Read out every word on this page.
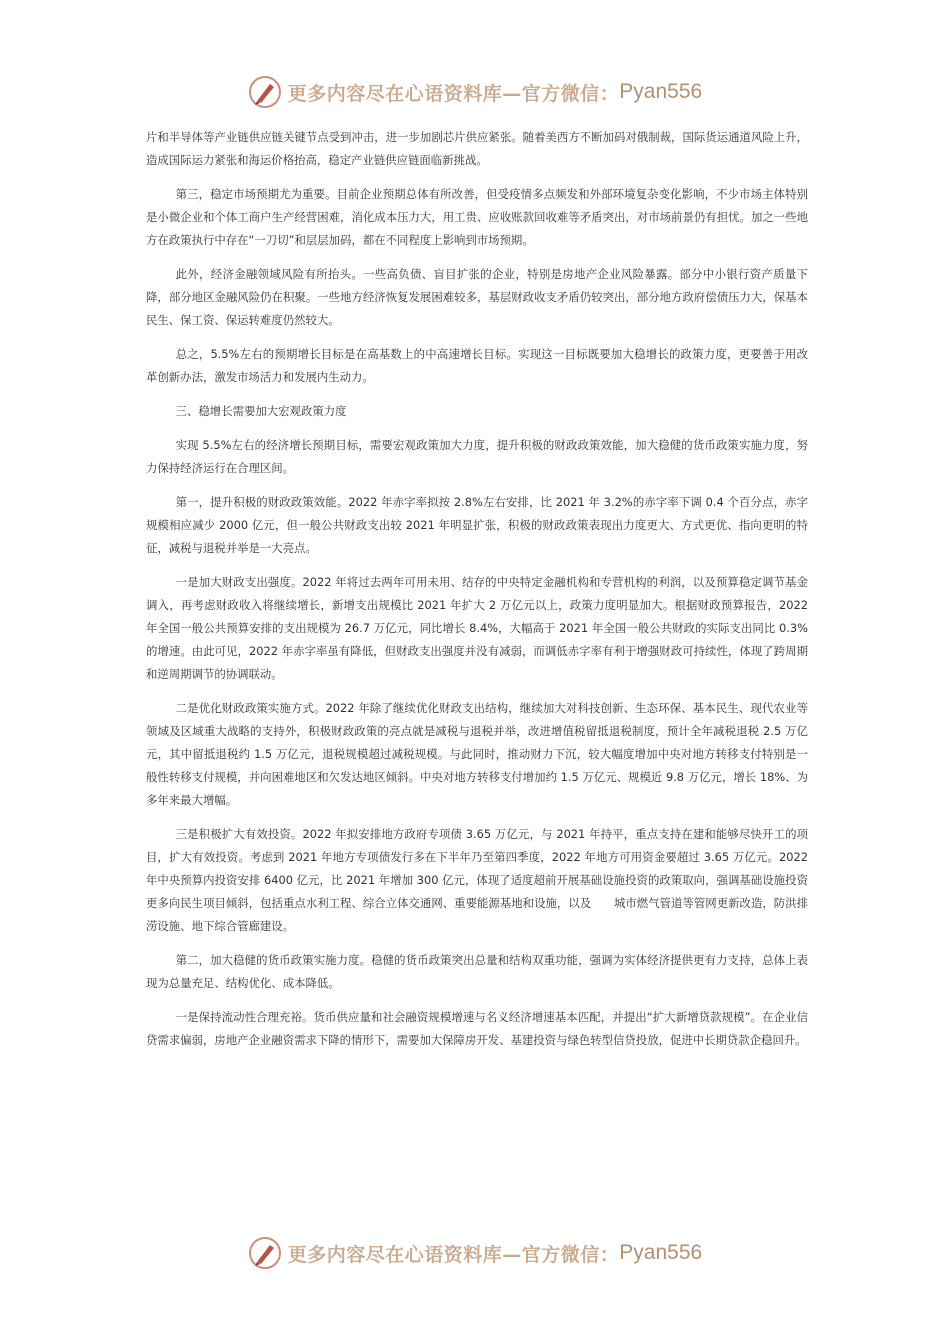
更多内容尽在心语资料库—官方微信： Pyan556

片和半导体等产业链供应链关键节点受到冲击，进一步加剧芯片供应紧张。随着美西方不断加码对俄制裁，国际货运通道风险上升，造成国际运力紧张和海运价格抬高，稳定产业链供应链面临新挑战。

第三，稳定市场预期尤为重要。目前企业预期总体有所改善，但受疫情多点频发和外部环境复杂变化影响，不少市场主体特别是小微企业和个体工商户生产经营困难，消化成本压力大，用工贵、应收账款回收难等矛盾突出，对市场前景仍有担忧。加之一些地方在政策执行中存在“一刀切”和层层加码，都在不同程度上影响到市场预期。

此外，经济金融领域风险有所抬头。一些高负债、盲目扩张的企业，特别是房地产企业风险暴露。部分中小银行资产质量下降，部分地区金融风险仍在积聚。一些地方经济恢复发展困难较多，基层财政收支矛盾仍较突出，部分地方政府偿债压力大，保基本民生、保工资、保运转难度仍然较大。

总之，5.5%左右的预期增长目标是在高基数上的中高速增长目标。实现这一目标既要加大稳增长的政策力度，更要善于用改革创新办法，激发市场活力和发展内生动力。

三、稳增长需要加大宏观政策力度

实现 5.5%左右的经济增长预期目标，需要宏观政策加大力度，提升积极的财政政策效能，加大稳健的货币政策实施力度，努力保持经济运行在合理区间。

第一，提升积极的财政政策效能。2022 年赤字率拟按 2.8%左右安排，比 2021 年 3.2%的赤字率下调 0.4 个百分点，赤字规模相应减少 2000 亿元，但一般公共财政支出较 2021 年明显扩张，积极的财政政策表现出力度更大、方式更优、指向更明的特征，减税与退税并举是一大亮点。

一是加大财政支出强度。2022 年将过去两年可用未用、结存的中央特定金融机构和专营机构的利润，以及预算稳定调节基金调入，再考虑财政收入将继续增长，新增支出规模比 2021 年扩大 2 万亿元以上，政策力度明显加大。根据财政预算报告，2022 年全国一般公共预算安排的支出规模为 26.7 万亿元，同比增长 8.4%，大幅高于 2021 年全国一般公共财政的实际支出同比 0.3%的增速。由此可见，2022 年赤字率虽有降低，但财政支出强度并没有减弱，而调低赤字率有利于增强财政可持续性，体现了跨周期和逆周期调节的协调联动。

二是优化财政政策实施方式。2022 年除了继续优化财政支出结构，继续加大对科技创新、生态环保、基本民生、现代农业等领域及区域重大战略的支持外，积极财政政策的亮点就是减税与退税并举，改进增值税留抵退税制度，预计全年减税退税 2.5 万亿元，其中留抵退税约 1.5 万亿元，退税规模超过减税规模。与此同时，推动财力下沉，较大幅度增加中央对地方转移支付特别是一般性转移支付规模，并向困难地区和欠发达地区倾斜。中央对地方转移支付增加约 1.5 万亿元、规模近 9.8 万亿元，增长 18%、为多年来最大增幅。

三是积极扩大有效投资。2022 年拟安排地方政府专项债 3.65 万亿元，与 2021 年持平，重点支持在建和能够尽快开工的项目，扩大有效投资。考虑到 2021 年地方专项债发行多在下半年乃至第四季度，2022 年地方可用资金要超过 3.65 万亿元。2022 年中央预算内投资安排 6400 亿元，比 2021 年增加 300 亿元，体现了适度超前开展基础设施投资的政策取向，强调基础设施投资更多向民生项目倾斜，包括重点水利工程、综合立体交通网、重要能源基地和设施，以及　　城市燃气管道等管网更新改造，防洪排涝设施、地下综合管廊建设。

第二，加大稳健的货币政策实施力度。稳健的货币政策突出总量和结构双重功能，强调为实体经济提供更有力支持，总体上表现为总量充足、结构优化、成本降低。

一是保持流动性合理充裕。货币供应量和社会融资规模增速与名义经济增速基本匹配，并提出“扩大新增贷款规模”。在企业信贷需求偏弱，房地产企业融资需求下降的情形下，需要加大保障房开发、基建投资与绿色转型信贷投放，促进中长期贷款企稳回升。

更多内容尽在心语资料库—官方微信： Pyan556
